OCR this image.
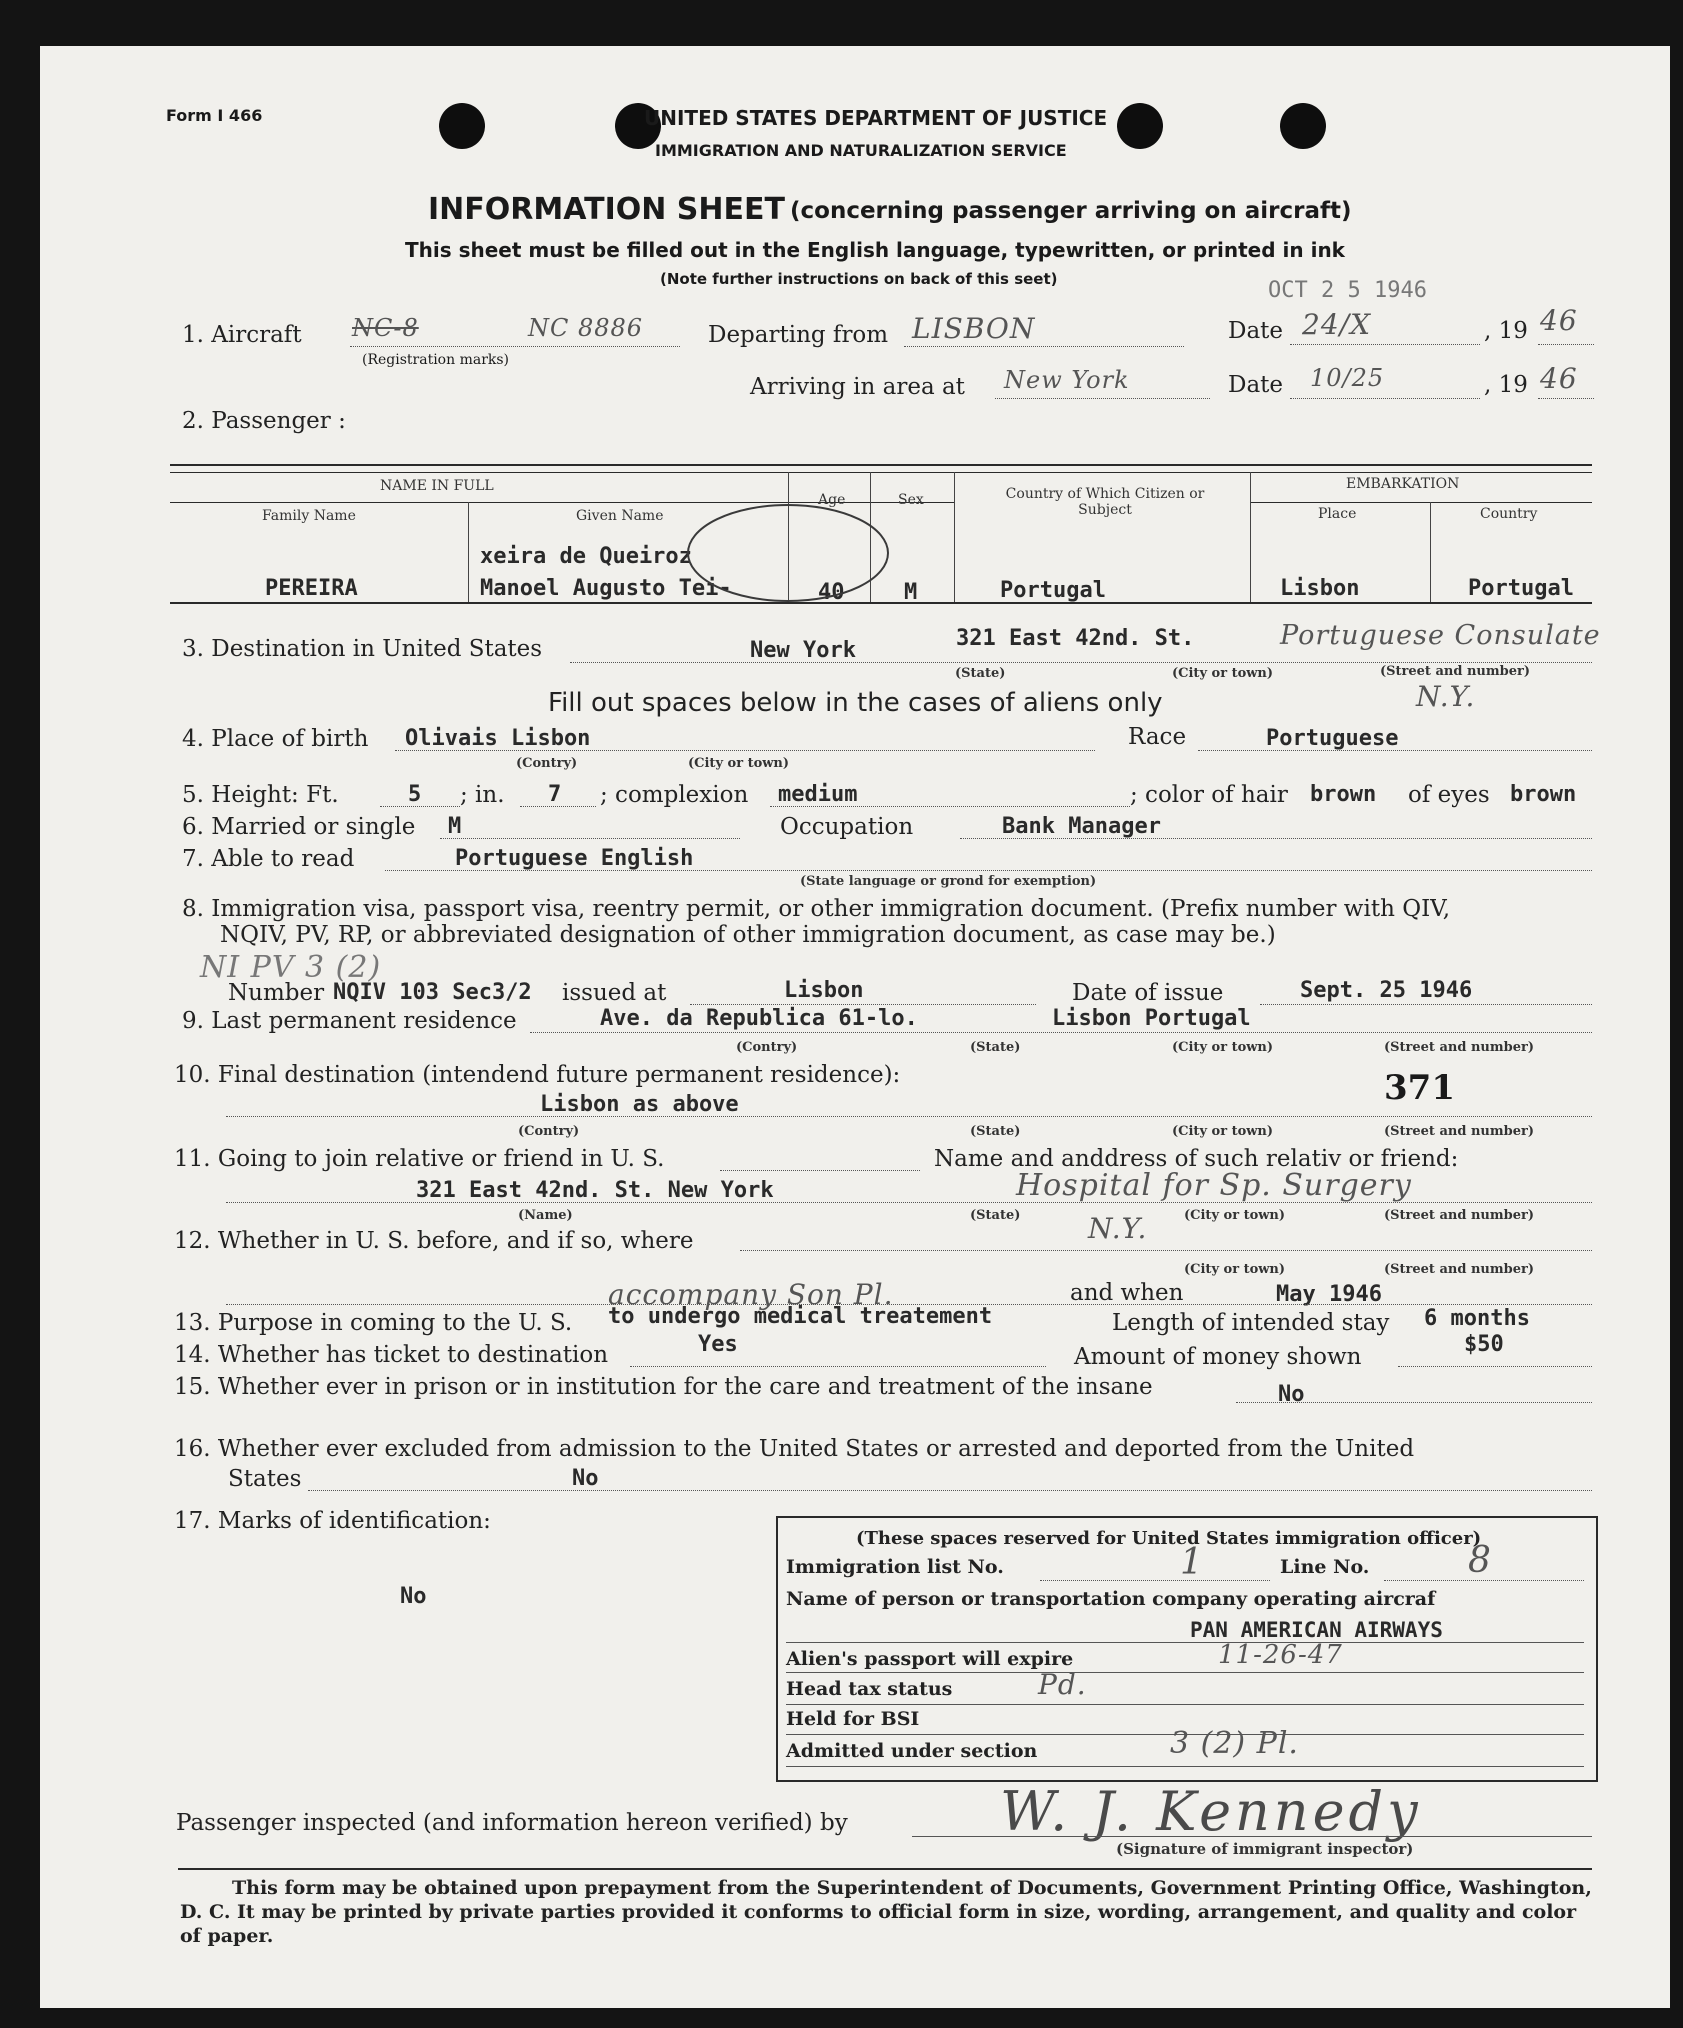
Form I 466	UNITED STATES DEPARTMENT OF JUSTICE
IMMIGRATION AND NATURALIZATION SERVICE
INFORMATION SHEET (concerning passenger arriving on aircraft)
This sheet must be filled out in the English language, typewritten, or printed in ink
(Note further instructions on back of this seet)	OCT 2 5 1946
1. Aircraft NC-8	NC 8886
(Registration marks)
Departing from LISBON	Date 24/X	, 19 46
Arriving in area at New York	Date 10/25	, 19 46
2. Passenger :
NAME IN FULL
Family Name	Given Name
Age	Sex	Country of Which Citizen or Subject
EMBARKATION
Place	Country
xeira de Queiroz
PEREIRA	Manoel Augusto Tei-	40	M	Portugal	Lisbon	Portugal
3. Destination in United States	New York	321 East 42nd. St.	Portuguese Consulate
(State)	(City or town)	(Street and number)
N.Y.
Fill out spaces below in the cases of aliens only
4. Place of birth Olivais Lisbon
(Contry)	(City or town)
Race	Portuguese
5. Height: Ft.	5 ; in. 7 ; complexion medium	; color of hair brown of eyes brown
6. Married or single M	Occupation	Bank Manager
7. Able to read	Portuguese English
(State language or grond for exemption)
8. Immigration visa, passport visa, reentry permit, or other immigration document. (Prefix number with QIV,
NQIV, PV, RP, or abbreviated designation of other immigration document, as case may be.)
NI PV 3 (2)
Number NQIV 103 Sec3/2 issued at	Lisbon	Date of issue	Sept. 25 1946
9. Last permanent residence	Ave. da Republica 61-lo.	Lisbon Portugal
(Contry)	(State)	(City or town)	(Street and number)
10. Final destination (intendend future permanent residence):	371
Lisbon as above
(Contry)	(State)	(City or town)	(Street and number)
11. Going to join relative or friend in U. S.	Name and anddress of such relativ or friend:
321 East 42nd. St. New York	Hospital for Sp. Surgery
(Name)	(State)	(City or town)	(Street and number)
12. Whether in U. S. before, and if so, where	N.Y.
(City or town)	(Street and number)
accompany Son Pl.	and when	May 1946
13. Purpose in coming to the U. S. to undergo medical treatement	Length of intended stay 6 months
14. Whether has ticket to destination	Yes	Amount of money shown	$50
15. Whether ever in prison or in institution for the care and treatment of the insane	No
16. Whether ever excluded from admission to the United States or arrested and deported from the United
States	No
17. Marks of identification:
No
(These spaces reserved for United States immigration officer)
Immigration list No.	1	Line No.	8
Name of person or transportation company operating aircraf
PAN AMERICAN AIRWAYS
Alien's passport will expire	11-26-47
Head tax status	Pd.
Held for BSI
Admitted under section	3 (2) Pl.
Passenger inspected (and information hereon verified) by	W. J. Kennedy
(Signature of immigrant inspector)
This form may be obtained upon prepayment from the Superintendent of Documents, Government Printing Office, Washington, D. C. It may be printed by private parties provided it conforms to official form in size, wording, arrangement, and quality and color of paper.
